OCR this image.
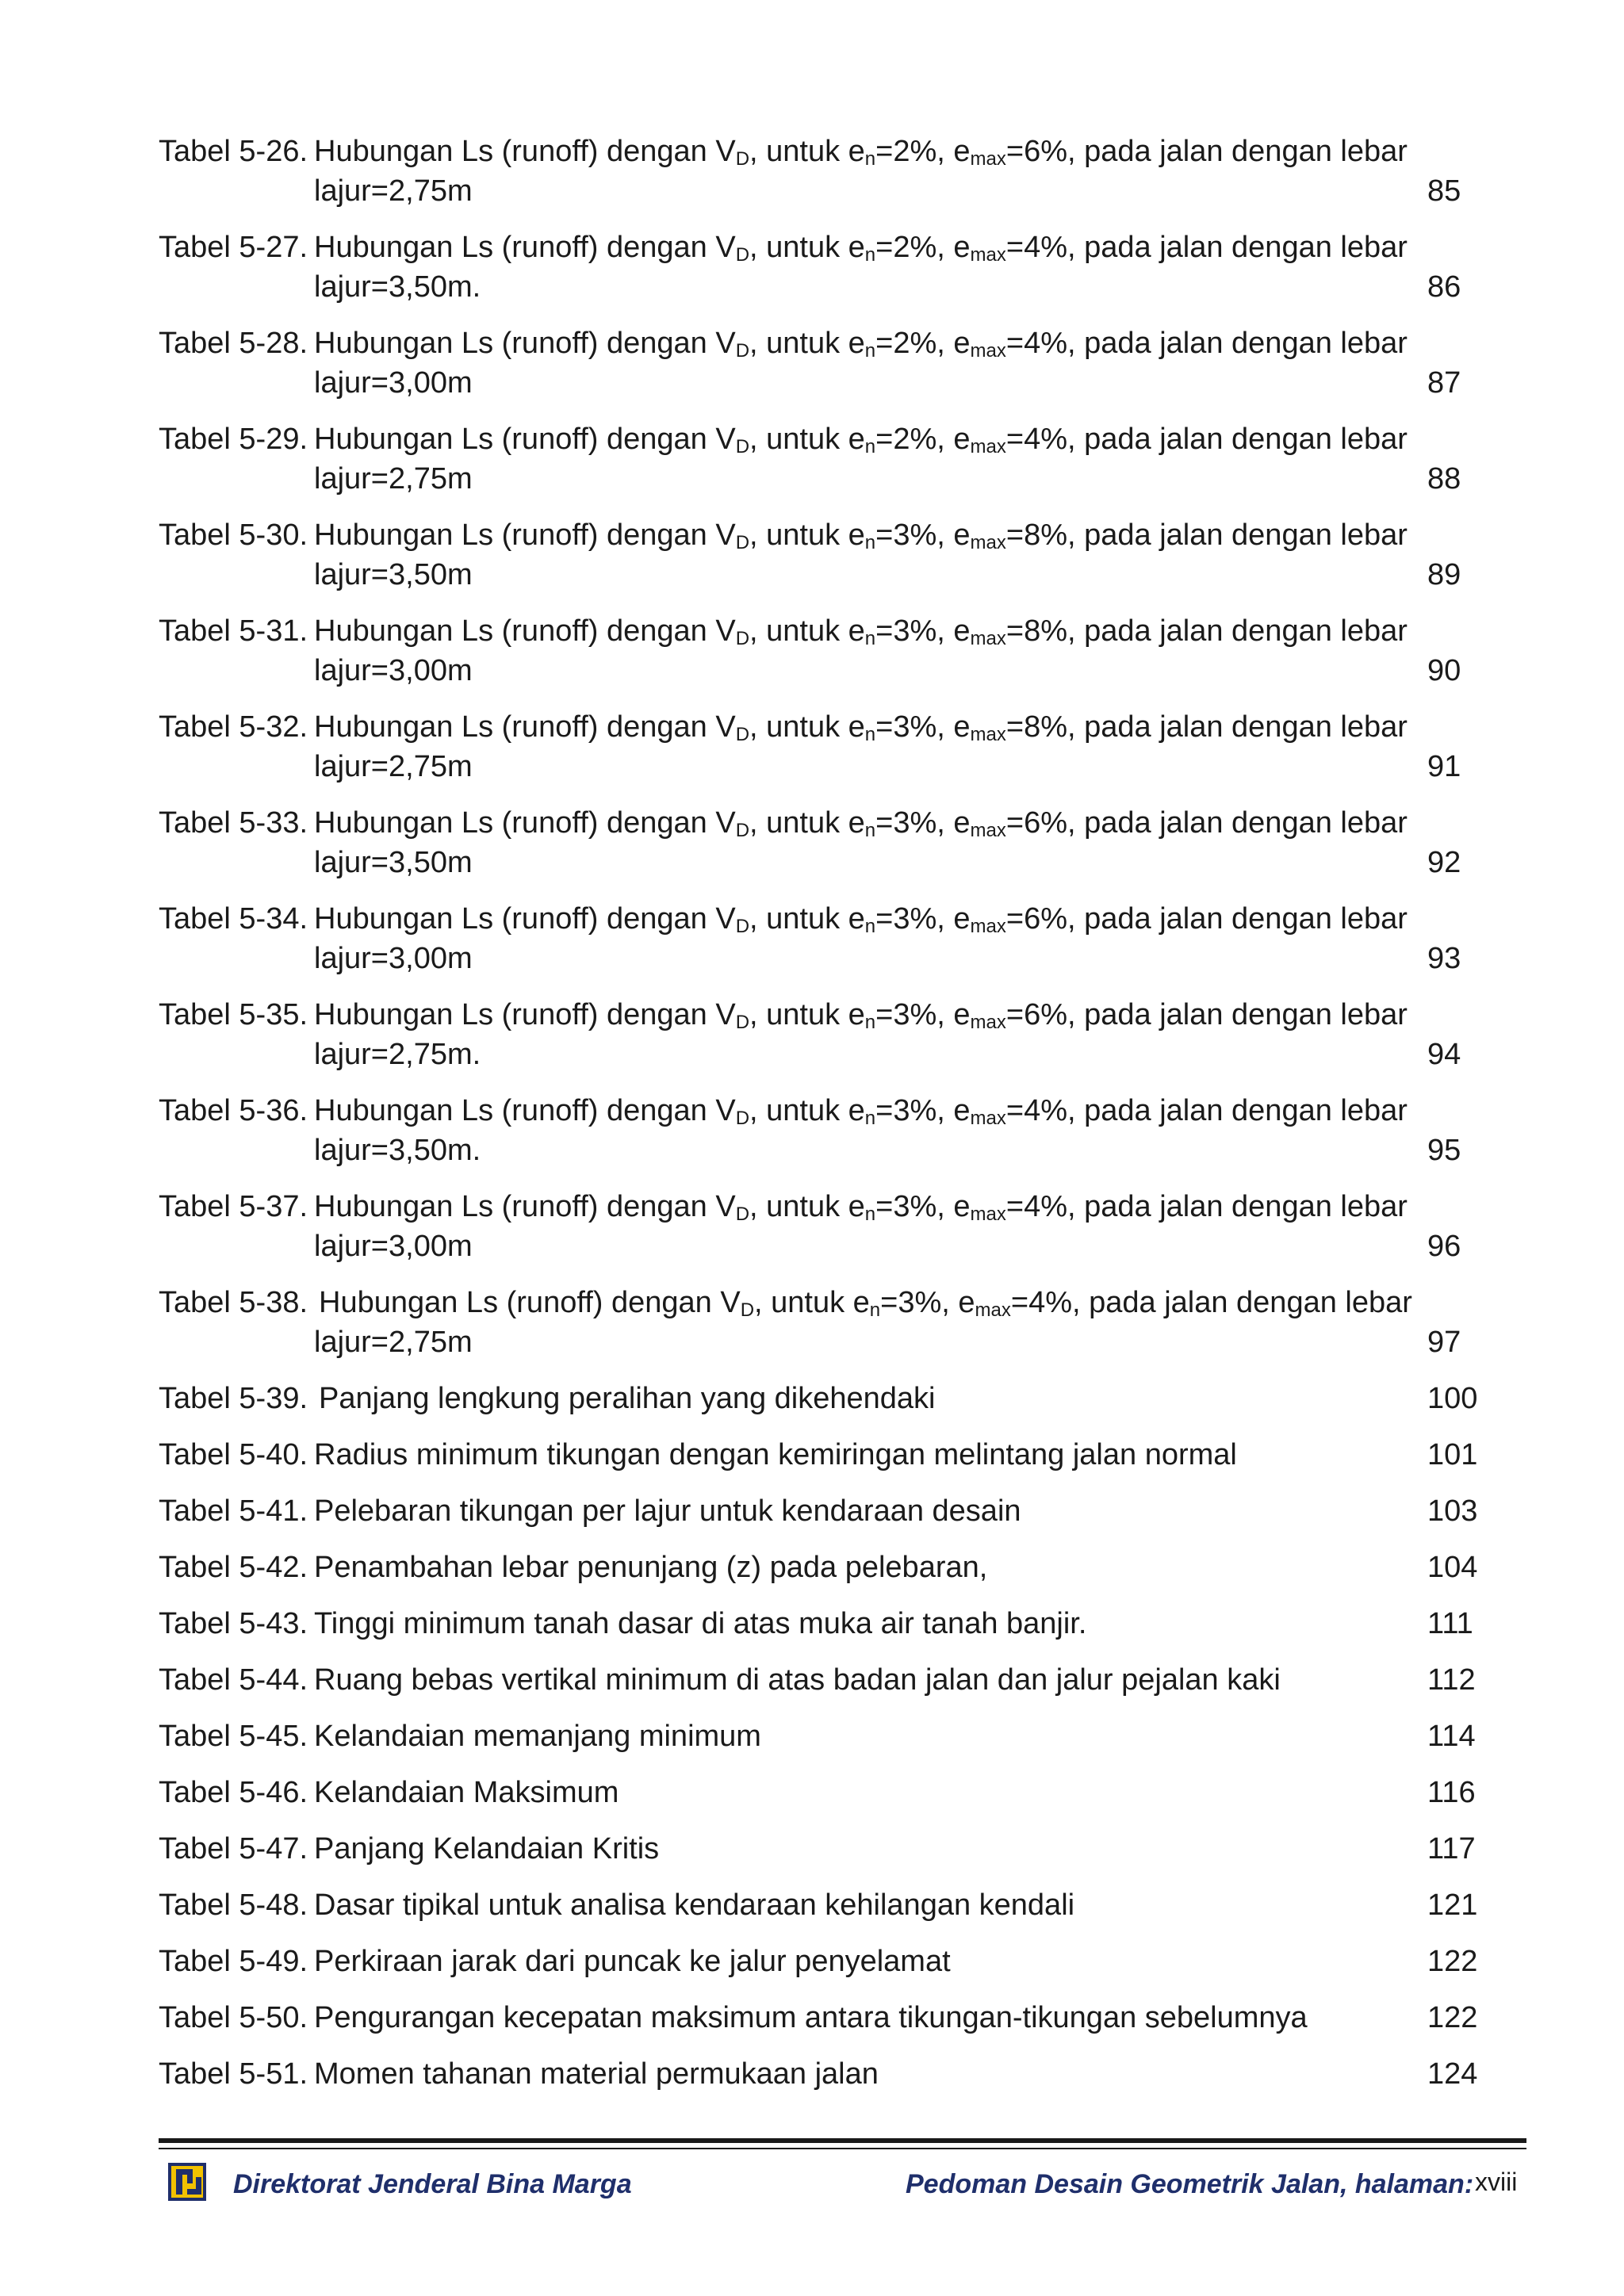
Tabel 5-26. Hubungan Ls (runoff) dengan $V_D$, untuk $e_n=2\%$, $e_{max}=6\%$, pada jalan dengan lebar
lajur=2,75m	85
Tabel 5-27. Hubungan Ls (runoff) dengan $V_D$, untuk $e_n=2\%$, $e_{max}=4\%$, pada jalan dengan lebar
lajur=3,50m.	86
Tabel 5-28. Hubungan Ls (runoff) dengan $V_D$, untuk $e_n=2\%$, $e_{max}=4\%$, pada jalan dengan lebar
lajur=3,00m	87
Tabel 5-29. Hubungan Ls (runoff) dengan $V_D$, untuk $e_n=2\%$, $e_{max}=4\%$, pada jalan dengan lebar
lajur=2,75m	88
Tabel 5-30. Hubungan Ls (runoff) dengan $V_D$, untuk $e_n=3\%$, $e_{max}=8\%$, pada jalan dengan lebar
lajur=3,50m	89
Tabel 5-31. Hubungan Ls (runoff) dengan $V_D$, untuk $e_n=3\%$, $e_{max}=8\%$, pada jalan dengan lebar
lajur=3,00m	90
Tabel 5-32. Hubungan Ls (runoff) dengan $V_D$, untuk $e_n=3\%$, $e_{max}=8\%$, pada jalan dengan lebar
lajur=2,75m	91
Tabel 5-33. Hubungan Ls (runoff) dengan $V_D$, untuk $e_n=3\%$, $e_{max}=6\%$, pada jalan dengan lebar
lajur=3,50m	92
Tabel 5-34. Hubungan Ls (runoff) dengan $V_D$, untuk $e_n=3\%$, $e_{max}=6\%$, pada jalan dengan lebar
lajur=3,00m	93
Tabel 5-35. Hubungan Ls (runoff) dengan $V_D$, untuk $e_n=3\%$, $e_{max}=6\%$, pada jalan dengan lebar
lajur=2,75m.	94
Tabel 5-36. Hubungan Ls (runoff) dengan $V_D$, untuk $e_n=3\%$, $e_{max}=4\%$, pada jalan dengan lebar
lajur=3,50m.	95
Tabel 5-37. Hubungan Ls (runoff) dengan $V_D$, untuk $e_n=3\%$, $e_{max}=4\%$, pada jalan dengan lebar
lajur=3,00m	96
Tabel 5-38. Hubungan Ls (runoff) dengan $V_D$, untuk $e_n=3\%$, $e_{max}=4\%$, pada jalan dengan lebar
lajur=2,75m	97
Tabel 5-39. Panjang lengkung peralihan yang dikehendaki	100
Tabel 5-40. Radius minimum tikungan dengan kemiringan melintang jalan normal	101
Tabel 5-41. Pelebaran tikungan per lajur untuk kendaraan desain	103
Tabel 5-42. Penambahan lebar penunjang (z) pada pelebaran,	104
Tabel 5-43. Tinggi minimum tanah dasar di atas muka air tanah banjir.	111
Tabel 5-44. Ruang bebas vertikal minimum di atas badan jalan dan jalur pejalan kaki	112
Tabel 5-45. Kelandaian memanjang minimum	114
Tabel 5-46. Kelandaian Maksimum	116
Tabel 5-47. Panjang Kelandaian Kritis	117
Tabel 5-48. Dasar tipikal untuk analisa kendaraan kehilangan kendali	121
Tabel 5-49. Perkiraan jarak dari puncak ke jalur penyelamat	122
Tabel 5-50. Pengurangan kecepatan maksimum antara tikungan-tikungan sebelumnya	122
Tabel 5-51. Momen tahanan material permukaan jalan	124
Direktorat Jenderal Bina Marga	Pedoman Desain Geometrik Jalan, halaman: xviii
